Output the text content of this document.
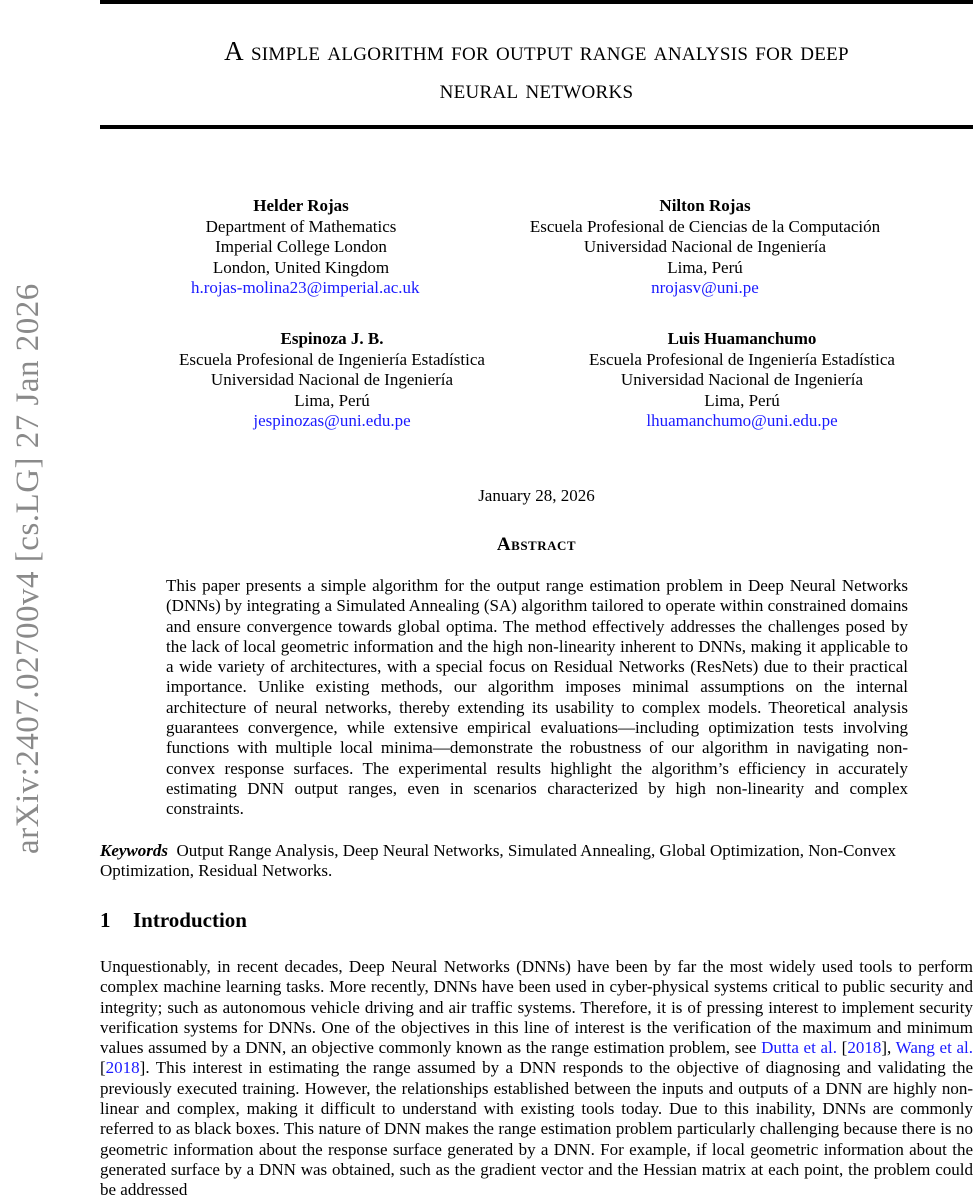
arXiv:2407.02700v4 [cs.LG] 27 Jan 2026
A simple algorithm for output range analysis for deep
neural networks
Helder Rojas
Department of Mathematics
Imperial College London
London, United Kingdom
h.rojas-molina23@imperial.ac.uk
Nilton Rojas
Escuela Profesional de Ciencias de la Computación
Universidad Nacional de Ingeniería
Lima, Perú
nrojasv@uni.pe
Espinoza J. B.
Escuela Profesional de Ingeniería Estadística
Universidad Nacional de Ingeniería
Lima, Perú
jespinozas@uni.edu.pe
Luis Huamanchumo
Escuela Profesional de Ingeniería Estadística
Universidad Nacional de Ingeniería
Lima, Perú
lhuamanchumo@uni.edu.pe
January 28, 2026
Abstract
This paper presents a simple algorithm for the output range estimation problem in Deep Neural Networks (DNNs) by integrating a Simulated Annealing (SA) algorithm tailored to operate within constrained domains and ensure convergence towards global optima. The method effectively addresses the challenges posed by the lack of local geometric information and the high non-linearity inherent to DNNs, making it applicable to a wide variety of architectures, with a special focus on Residual Networks (ResNets) due to their practical importance. Unlike existing methods, our algorithm imposes minimal assumptions on the internal architecture of neural networks, thereby extending its usability to complex models. Theoretical analysis guarantees convergence, while extensive empirical evaluations—including optimization tests involving functions with multiple local minima—demonstrate the robustness of our algorithm in navigating non-convex response surfaces. The experimental results highlight the algorithm’s efficiency in accurately estimating DNN output ranges, even in scenarios characterized by high non-linearity and complex constraints.
Keywords Output Range Analysis, Deep Neural Networks, Simulated Annealing, Global Optimization, Non-Convex Optimization, Residual Networks.
1 Introduction
Unquestionably, in recent decades, Deep Neural Networks (DNNs) have been by far the most widely used tools to perform complex machine learning tasks. More recently, DNNs have been used in cyber-physical systems critical to public security and integrity; such as autonomous vehicle driving and air traffic systems. Therefore, it is of pressing interest to implement security verification systems for DNNs. One of the objectives in this line of interest is the verification of the maximum and minimum values assumed by a DNN, an objective commonly known as the range estimation problem, see Dutta et al. [2018], Wang et al. [2018]. This interest in estimating the range assumed by a DNN responds to the objective of diagnosing and validating the previously executed training. However, the relationships established between the inputs and outputs of a DNN are highly non-linear and complex, making it difficult to understand with existing tools today. Due to this inability, DNNs are commonly referred to as black boxes. This nature of DNN makes the range estimation problem particularly challenging because there is no geometric information about the response surface generated by a DNN. For example, if local geometric information about the generated surface by a DNN was obtained, such as the gradient vector and the Hessian matrix at each point, the problem could be addressed
